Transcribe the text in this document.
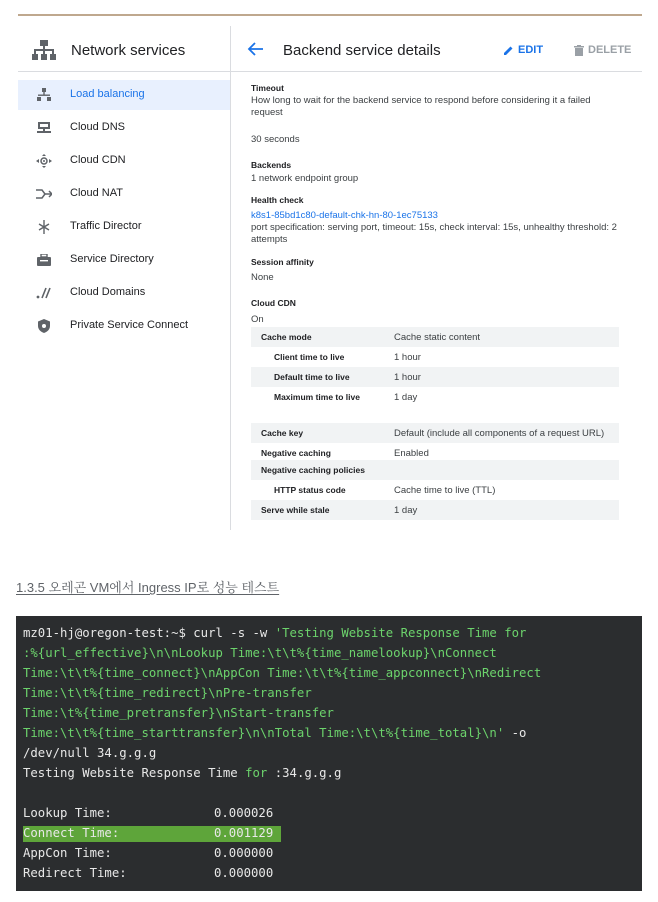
Network services
Load balancing
Cloud DNS
Cloud CDN
Cloud NAT
Traffic Director
Service Directory
Cloud Domains
Private Service Connect
Backend service details	EDIT	DELETE
Timeout
How long to wait for the backend service to respond before considering it a failed request
30 seconds
Backends
1 network endpoint group
Health check
k8s1-85bd1c80-default-chk-hn-80-1ec75133
port specification: serving port, timeout: 15s, check interval: 15s, unhealthy threshold: 2 attempts
Session affinity
None
Cloud CDN
On
Cache mode	Cache static content
Client time to live	1 hour
Default time to live	1 hour
Maximum time to live	1 day
Cache key	Default (include all components of a request URL)
Negative caching	Enabled
Negative caching policies
HTTP status code	Cache time to live (TTL)
Serve while stale	1 day
1.3.5 오레곤 VM에서 Ingress IP로 성능 테스트
mz01-hj@oregon-test:~$ curl -s -w 'Testing Website Response Time for
:%{url_effective}\n\nLookup Time:\t\t%{time_namelookup}\nConnect
Time:\t\t%{time_connect}\nAppCon Time:\t\t%{time_appconnect}\nRedirect
Time:\t\t%{time_redirect}\nPre-transfer
Time:\t%{time_pretransfer}\nStart-transfer
Time:\t\t%{time_starttransfer}\n\nTotal Time:\t\t%{time_total}\n' -o
/dev/null 34.g.g.g
Testing Website Response Time for :34.g.g.g
Lookup Time:	0.000026
Connect Time:	0.001129
AppCon Time:	0.000000
Redirect Time:	0.000000
